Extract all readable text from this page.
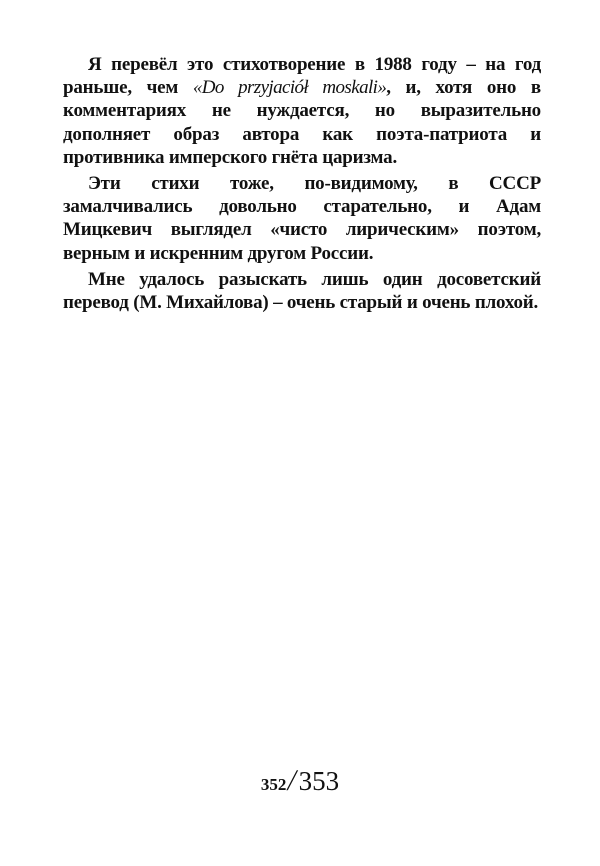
Я перевёл это стихотворение в 1988 году – на год раньше, чем «Do przyjaciół moskali», и, хотя оно в комментариях не нуждается, но выразительно дополняет образ автора как поэта-патриота и противника имперского гнёта царизма.

Эти стихи тоже, по-видимому, в СССР замалчивались довольно старательно, и Адам Мицкевич выглядел «чисто лирическим» поэтом, верным и искренним другом России.

Мне удалось разыскать лишь один досоветский перевод (М. Михайлова) – очень старый и очень плохой.

352/353
